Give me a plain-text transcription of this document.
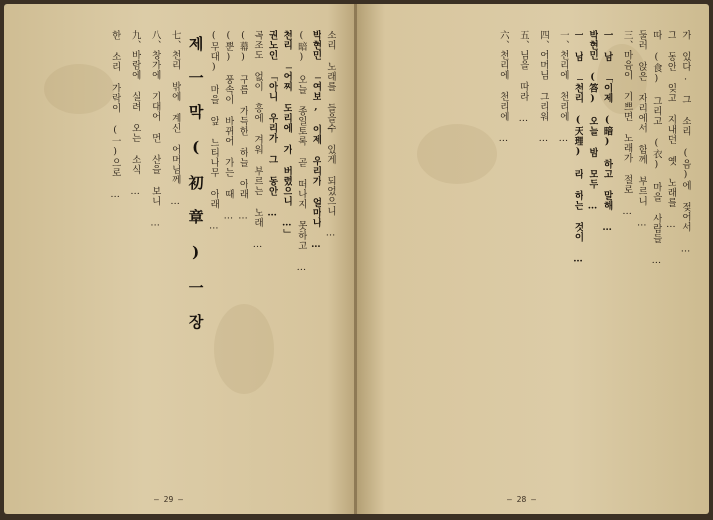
소리 노래를 들을수 있게 되었으니 …
박현민 「여보, 이제 우리가 얼마나 …
(暗) 오늘 종일토록 곧 떠나지 못하고 …
천리 「어찌 도리에 가 버렸으니 …」
권노인 「아니 우리가 그 동안 …
곡조도 없이 흥에 겨워 부르는 노래 …
(幕) 구름 가득한 하늘 아래 …
(뿐) 풍속이 바뀌어 가는 때 …
(무대) 마을 앞 느티나무 아래 …
제 一 막 ( 初 章 ) 一 장
七、천리 밖에 계신 어머님께 …
八、창가에 기대어 먼 산을 보니 …
九、바람에 실려 오는 소식 …
한 소리 가락이 (一)으로 …
— 29 —
가 있다. 그 소리 (음)에 젖어서 …
그 동안 잊고 지내던 옛 노래를 …
따 (食) 그리고 (衣) 마을 사람들 …
둘러 앉은 자리에서 함께 부르니 …
三、마음이 기쁘면 노래가 절로 …
一 남 「이제 (暗) 하고 말해 …
박현민 (答) 오늘 밤 모두 …
一 남 「천리 (天理) 라 하는 것이 …
一、천리에 천리에 …
四、어머님 그리워 …
五、님을 따라 …
六、천리에 천리에 …
— 28 —
